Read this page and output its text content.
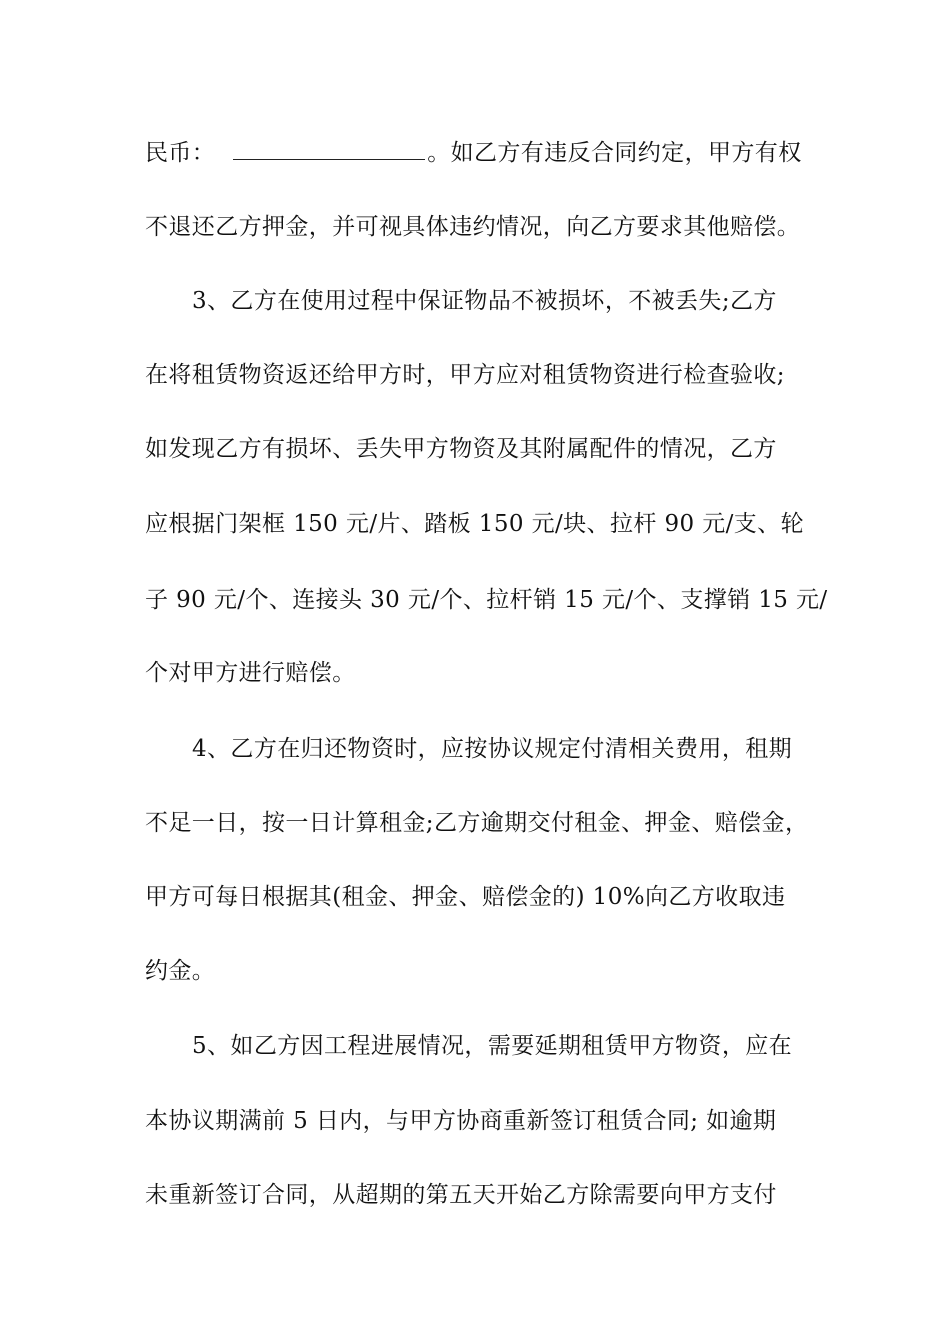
民币：	。如乙方有违反合同约定，甲方有权
不退还乙方押金，并可视具体违约情况，向乙方要求其他赔偿。
3、乙方在使用过程中保证物品不被损坏，不被丢失;乙方
在将租赁物资返还给甲方时，甲方应对租赁物资进行检查验收;
如发现乙方有损坏、丢失甲方物资及其附属配件的情况，乙方
应根据门架框 150 元/片、踏板 150 元/块、拉杆 90 元/支、轮
子 90 元/个、连接头 30 元/个、拉杆销 15 元/个、支撑销 15 元/
个对甲方进行赔偿。
4、乙方在归还物资时，应按协议规定付清相关费用，租期
不足一日，按一日计算租金;乙方逾期交付租金、押金、赔偿金，
甲方可每日根据其(租金、押金、赔偿金的) 10%向乙方收取违
约金。
5、如乙方因工程进展情况，需要延期租赁甲方物资，应在
本协议期满前 5 日内，与甲方协商重新签订租赁合同; 如逾期
未重新签订合同，从超期的第五天开始乙方除需要向甲方支付
